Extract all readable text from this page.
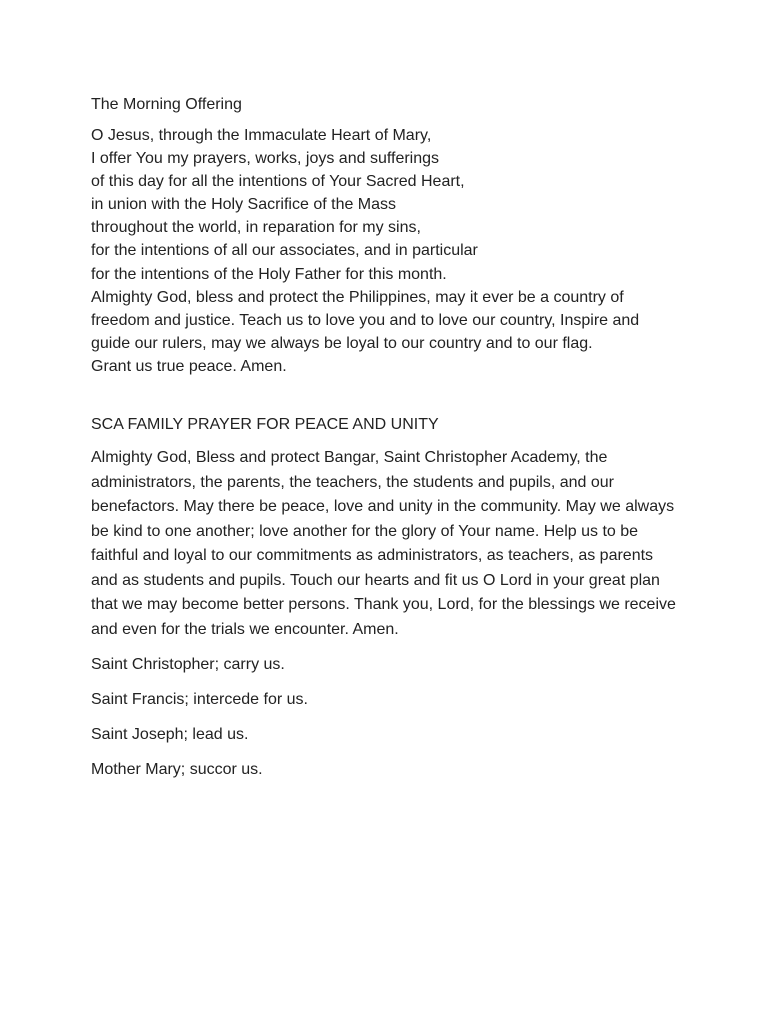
The Morning Offering

O Jesus, through the Immaculate Heart of Mary,

I offer You my prayers, works, joys and sufferings

of this day for all the intentions of Your Sacred Heart,

in union with the Holy Sacrifice of the Mass

throughout the world, in reparation for my sins,

for the intentions of all our associates, and in particular

for the intentions of the Holy Father for this month.

Almighty God, bless and protect the Philippines, may it ever be a country of

freedom and justice. Teach us to love you and to love our country, Inspire and

guide our rulers, may we always be loyal to our country and to our flag.

Grant us true peace. Amen.

SCA FAMILY PRAYER FOR PEACE AND UNITY

Almighty God, Bless and protect Bangar, Saint Christopher Academy, the administrators, the parents, the teachers, the students and pupils, and our benefactors. May there be peace, love and unity in the community. May we always be kind to one another; love another for the glory of Your name. Help us to be faithful and loyal to our commitments as administrators, as teachers, as parents and as students and pupils. Touch our hearts and fit us O Lord in your great plan that we may become better persons. Thank you, Lord, for the blessings we receive and even for the trials we encounter. Amen.

Saint Christopher; carry us.

Saint Francis; intercede for us.

Saint Joseph; lead us.

Mother Mary; succor us.
